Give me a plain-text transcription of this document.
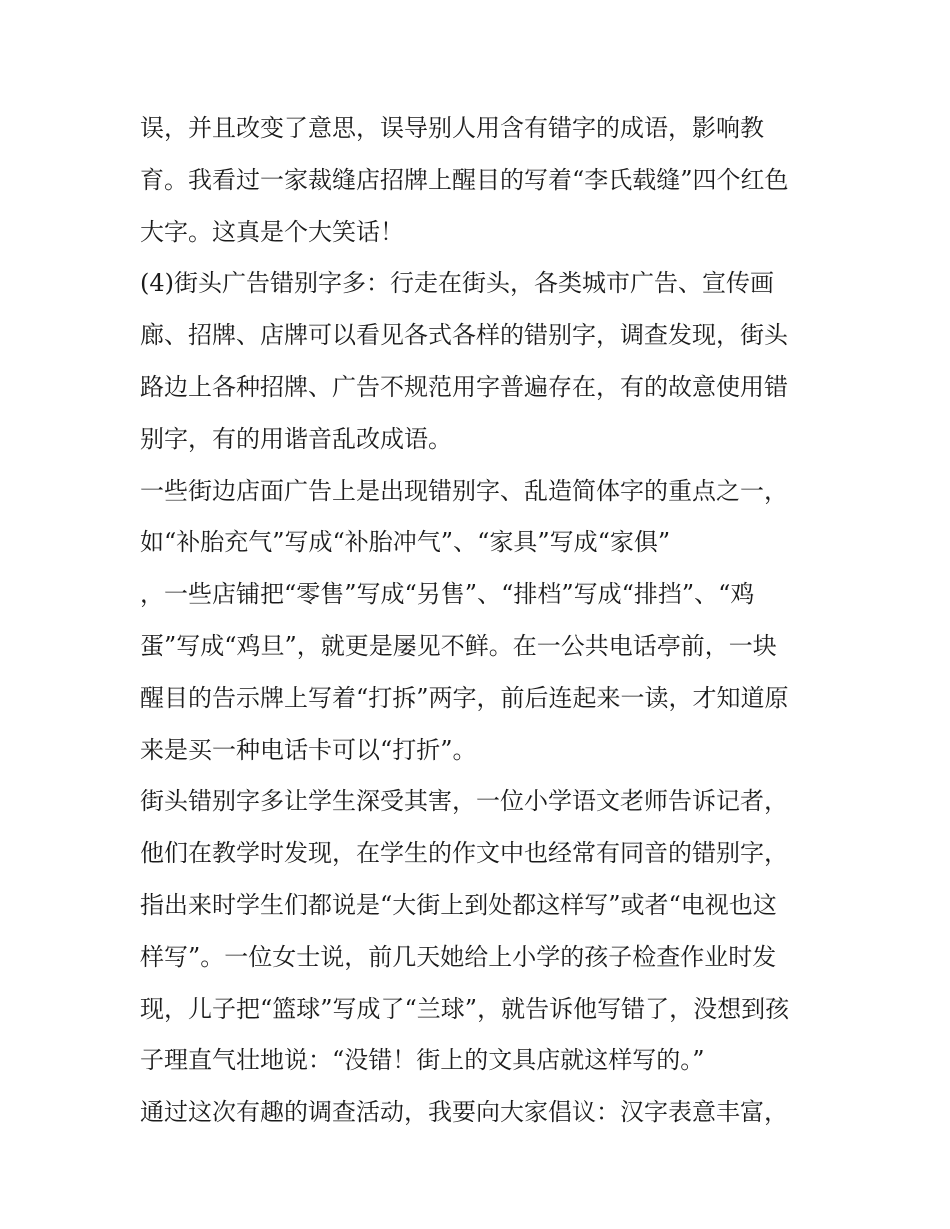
误，并且改变了意思，误导别人用含有错字的成语，影响教
育。我看过一家裁缝店招牌上醒目的写着“李氏载缝”四个红色
大字。这真是个大笑话！
(4)街头广告错别字多：行走在街头，各类城市广告、宣传画
廊、招牌、店牌可以看见各式各样的错别字，调查发现，街头
路边上各种招牌、广告不规范用字普遍存在，有的故意使用错
别字，有的用谐音乱改成语。
一些街边店面广告上是出现错别字、乱造简体字的重点之一，
如“补胎充气”写成“补胎冲气”、“家具”写成“家俱”
，一些店铺把“零售”写成“另售”、“排档”写成“排挡”、“鸡
蛋”写成“鸡旦”，就更是屡见不鲜。在一公共电话亭前，一块
醒目的告示牌上写着“打拆”两字，前后连起来一读，才知道原
来是买一种电话卡可以“打折”。
街头错别字多让学生深受其害，一位小学语文老师告诉记者，
他们在教学时发现，在学生的作文中也经常有同音的错别字，
指出来时学生们都说是“大街上到处都这样写”或者“电视也这
样写”。一位女士说，前几天她给上小学的孩子检查作业时发
现，儿子把“篮球”写成了“兰球”，就告诉他写错了，没想到孩
子理直气壮地说：“没错！街上的文具店就这样写的。”
通过这次有趣的调查活动，我要向大家倡议：汉字表意丰富，
